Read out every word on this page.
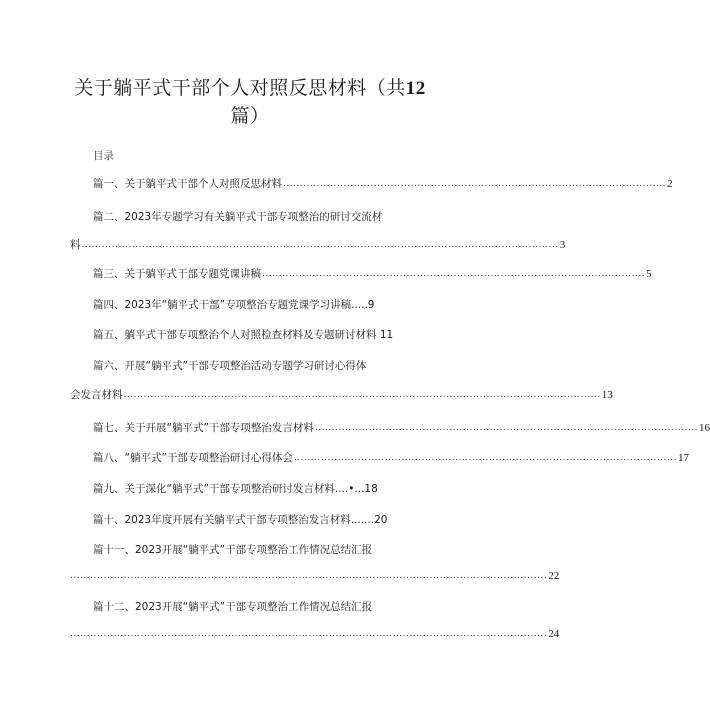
关于躺平式干部个人对照反思材料（共12
篇）
目录
篇一、关于躺平式干部个人对照反思材料 .................................................................................................................. 2
篇二、2023年专题学习有关躺平式干部专项整治的研讨交流材
料 .............................................................................................................................................. 3
篇三、关于躺平式干部专题党课讲稿 .................................................................................................................. 5
篇四、2023年“躺平式干部”专项整治专题党课学习讲稿.....9
篇五、躺平式干部专项整治个人对照检查材料及专题研讨材料 11
篇六、开展“躺平式”干部专项整治活动专题学习研讨心得体
会发言材料 .............................................................................................................................................. 13
篇七、关于开展“躺平式”干部专项整治发言材料 .................................................................................................................. 16
篇八、“躺平式”干部专项整治研讨心得体会 .................................................................................................................. 17
篇九、关于深化“躺平式”干部专项整治研讨发言材料....•...18
篇十、2023年度开展有关躺平式干部专项整治发言材料.......20
篇十一、2023开展“躺平式”干部专项整治工作情况总结汇报
.............................................................................................................................................. 22
篇十二、2023开展“躺平式”干部专项整治工作情况总结汇报
.............................................................................................................................................. 24
